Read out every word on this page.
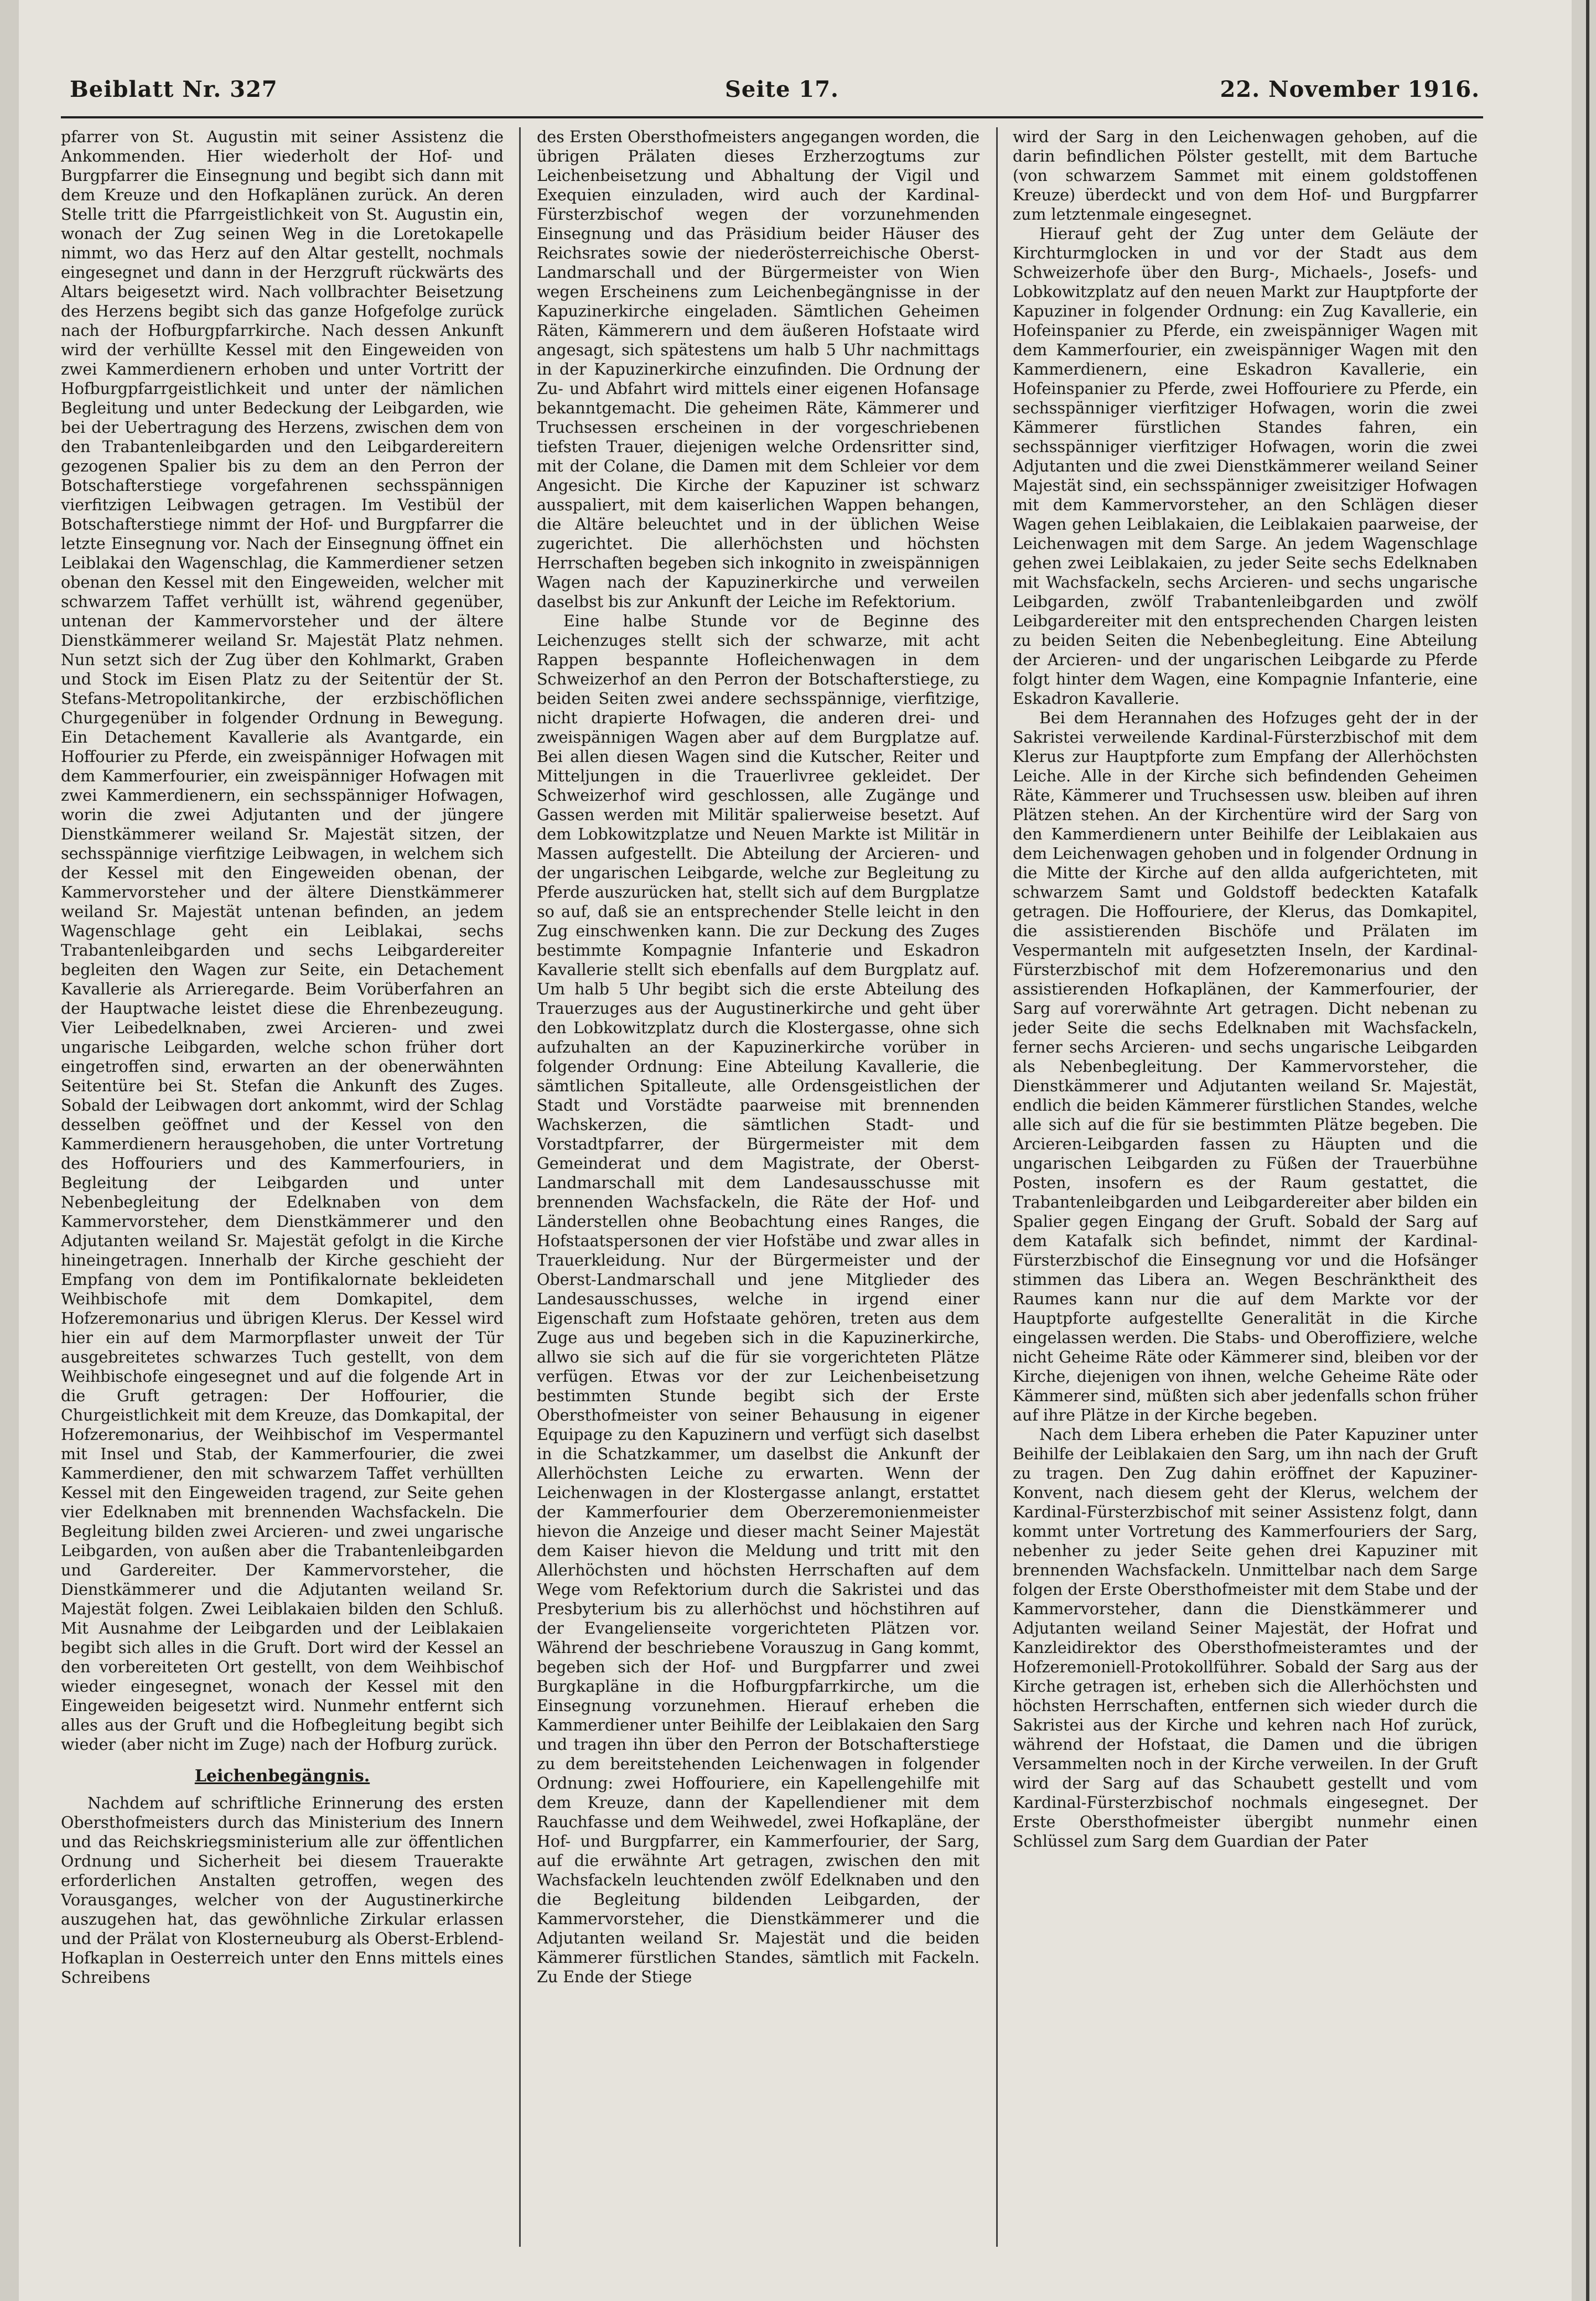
Beiblatt Nr. 327	Seite 17.	22. November 1916.

pfarrer von St. Augustin mit seiner Assistenz die Ankommenden. Hier wiederholt der Hof- und Burgpfarrer die Einsegnung und begibt sich dann mit dem Kreuze und den Hofkaplänen zurück. An deren Stelle tritt die Pfarrgeistlichkeit von St. Augustin ein, wonach der Zug seinen Weg in die Loretokapelle nimmt, wo das Herz auf den Altar gestellt, nochmals eingesegnet und dann in der Herzgruft rückwärts des Altars beigesetzt wird. Nach vollbrachter Beisetzung des Herzens begibt sich das ganze Hofgefolge zurück nach der Hofburgpfarrkirche. Nach dessen Ankunft wird der verhüllte Kessel mit den Eingeweiden von zwei Kammerdienern erhoben und unter Vortritt der Hofburgpfarrgeistlichkeit und unter der nämlichen Begleitung und unter Bedeckung der Leibgarden, wie bei der Uebertragung des Herzens, zwischen dem von den Trabantenleibgarden und den Leibgardereitern gezogenen Spalier bis zu dem an den Perron der Botschafterstiege vorgefahrenen sechsspännigen vierfitzigen Leibwagen getragen. Im Vestibül der Botschafterstiege nimmt der Hof- und Burgpfarrer die letzte Einsegnung vor. Nach der Einsegnung öffnet ein Leiblakai den Wagenschlag, die Kammerdiener setzen obenan den Kessel mit den Eingeweiden, welcher mit schwarzem Taffet verhüllt ist, während gegenüber, untenan der Kammervorsteher und der ältere Dienstkämmerer weiland Sr. Majestät Platz nehmen. Nun setzt sich der Zug über den Kohlmarkt, Graben und Stock im Eisen Platz zu der Seitentür der St. Stefans-Metropolitankirche, der erzbischöflichen Churgegenüber in folgender Ordnung in Bewegung. Ein Detachement Kavallerie als Avantgarde, ein Hoffourier zu Pferde, ein zweispänniger Hofwagen mit dem Kammerfourier, ein zweispänniger Hofwagen mit zwei Kammerdienern, ein sechsspänniger Hofwagen, worin die zwei Adjutanten und der jüngere Dienstkämmerer weiland Sr. Majestät sitzen, der sechsspännige vierfitzige Leibwagen, in welchem sich der Kessel mit den Eingeweiden obenan, der Kammervorsteher und der ältere Dienstkämmerer weiland Sr. Majestät untenan befinden, an jedem Wagenschlage geht ein Leiblakai, sechs Trabantenleibgarden und sechs Leibgardereiter begleiten den Wagen zur Seite, ein Detachement Kavallerie als Arrieregarde. Beim Vorüberfahren an der Hauptwache leistet diese die Ehrenbezeugung. Vier Leibedelknaben, zwei Arcieren- und zwei ungarische Leibgarden, welche schon früher dort eingetroffen sind, erwarten an der obenerwähnten Seitentüre bei St. Stefan die Ankunft des Zuges. Sobald der Leibwagen dort ankommt, wird der Schlag desselben geöffnet und der Kessel von den Kammerdienern herausgehoben, die unter Vortretung des Hoffouriers und des Kammerfouriers, in Begleitung der Leibgarden und unter Nebenbegleitung der Edelknaben von dem Kammervorsteher, dem Dienstkämmerer und den Adjutanten weiland Sr. Majestät gefolgt in die Kirche hineingetragen. Innerhalb der Kirche geschieht der Empfang von dem im Pontifikalornate bekleideten Weihbischofe mit dem Domkapitel, dem Hofzeremonarius und übrigen Klerus. Der Kessel wird hier ein auf dem Marmorpflaster unweit der Tür ausgebreitetes schwarzes Tuch gestellt, von dem Weihbischofe eingesegnet und auf die folgende Art in die Gruft getragen: Der Hoffourier, die Churgeistlichkeit mit dem Kreuze, das Domkapital, der Hofzeremonarius, der Weihbischof im Vespermantel mit Insel und Stab, der Kammerfourier, die zwei Kammerdiener, den mit schwarzem Taffet verhüllten Kessel mit den Eingeweiden tragend, zur Seite gehen vier Edelknaben mit brennenden Wachsfackeln. Die Begleitung bilden zwei Arcieren- und zwei ungarische Leibgarden, von außen aber die Trabantenleibgarden und Gardereiter. Der Kammervorsteher, die Dienstkämmerer und die Adjutanten weiland Sr. Majestät folgen. Zwei Leiblakaien bilden den Schluß. Mit Ausnahme der Leibgarden und der Leiblakaien begibt sich alles in die Gruft. Dort wird der Kessel an den vorbereiteten Ort gestellt, von dem Weihbischof wieder eingesegnet, wonach der Kessel mit den Eingeweiden beigesetzt wird. Nunmehr entfernt sich alles aus der Gruft und die Hofbegleitung begibt sich wieder (aber nicht im Zuge) nach der Hofburg zurück.

Leichenbegängnis.

Nachdem auf schriftliche Erinnerung des ersten Obersthofmeisters durch das Ministerium des Innern und das Reichskriegsministerium alle zur öffentlichen Ordnung und Sicherheit bei diesem Trauerakte erforderlichen Anstalten getroffen, wegen des Vorausganges, welcher von der Augustinerkirche auszugehen hat, das gewöhnliche Zirkular erlassen und der Prälat von Klosterneuburg als Oberst-Erblend-Hofkaplan in Oesterreich unter den Enns mittels eines Schreibens

des Ersten Obersthofmeisters angegangen worden, die übrigen Prälaten dieses Erzherzogtums zur Leichenbeisetzung und Abhaltung der Vigil und Exequien einzuladen, wird auch der Kardinal-Fürsterzbischof wegen der vorzunehmenden Einsegnung und das Präsidium beider Häuser des Reichsrates sowie der niederösterreichische Oberst-Landmarschall und der Bürgermeister von Wien wegen Erscheinens zum Leichenbegängnisse in der Kapuzinerkirche eingeladen. Sämtlichen Geheimen Räten, Kämmerern und dem äußeren Hofstaate wird angesagt, sich spätestens um halb 5 Uhr nachmittags in der Kapuzinerkirche einzufinden. Die Ordnung der Zu- und Abfahrt wird mittels einer eigenen Hofansage bekanntgemacht. Die geheimen Räte, Kämmerer und Truchsessen erscheinen in der vorgeschriebenen tiefsten Trauer, diejenigen welche Ordensritter sind, mit der Colane, die Damen mit dem Schleier vor dem Angesicht. Die Kirche der Kapuziner ist schwarz ausspaliert, mit dem kaiserlichen Wappen behangen, die Altäre beleuchtet und in der üblichen Weise zugerichtet. Die allerhöchsten und höchsten Herrschaften begeben sich inkognito in zweispännigen Wagen nach der Kapuzinerkirche und verweilen daselbst bis zur Ankunft der Leiche im Refektorium.

Eine halbe Stunde vor de Beginne des Leichenzuges stellt sich der schwarze, mit acht Rappen bespannte Hofleichenwagen in dem Schweizerhof an den Perron der Botschafterstiege, zu beiden Seiten zwei andere sechsspännige, vierfitzige, nicht drapierte Hofwagen, die anderen drei- und zweispännigen Wagen aber auf dem Burgplatze auf. Bei allen diesen Wagen sind die Kutscher, Reiter und Mitteljungen in die Trauerlivree gekleidet. Der Schweizerhof wird geschlossen, alle Zugänge und Gassen werden mit Militär spalierweise besetzt. Auf dem Lobkowitzplatze und Neuen Markte ist Militär in Massen aufgestellt. Die Abteilung der Arcieren- und der ungarischen Leibgarde, welche zur Begleitung zu Pferde auszurücken hat, stellt sich auf dem Burgplatze so auf, daß sie an entsprechender Stelle leicht in den Zug einschwenken kann. Die zur Deckung des Zuges bestimmte Kompagnie Infanterie und Eskadron Kavallerie stellt sich ebenfalls auf dem Burgplatz auf. Um halb 5 Uhr begibt sich die erste Abteilung des Trauerzuges aus der Augustinerkirche und geht über den Lobkowitzplatz durch die Klostergasse, ohne sich aufzuhalten an der Kapuzinerkirche vorüber in folgender Ordnung: Eine Abteilung Kavallerie, die sämtlichen Spitalleute, alle Ordensgeistlichen der Stadt und Vorstädte paarweise mit brennenden Wachskerzen, die sämtlichen Stadt- und Vorstadtpfarrer, der Bürgermeister mit dem Gemeinderat und dem Magistrate, der Oberst-Landmarschall mit dem Landesausschusse mit brennenden Wachsfackeln, die Räte der Hof- und Länderstellen ohne Beobachtung eines Ranges, die Hofstaatspersonen der vier Hofstäbe und zwar alles in Trauerkleidung. Nur der Bürgermeister und der Oberst-Landmarschall und jene Mitglieder des Landesausschusses, welche in irgend einer Eigenschaft zum Hofstaate gehören, treten aus dem Zuge aus und begeben sich in die Kapuzinerkirche, allwo sie sich auf die für sie vorgerichteten Plätze verfügen. Etwas vor der zur Leichenbeisetzung bestimmten Stunde begibt sich der Erste Obersthofmeister von seiner Behausung in eigener Equipage zu den Kapuzinern und verfügt sich daselbst in die Schatzkammer, um daselbst die Ankunft der Allerhöchsten Leiche zu erwarten. Wenn der Leichenwagen in der Klostergasse anlangt, erstattet der Kammerfourier dem Oberzeremonienmeister hievon die Anzeige und dieser macht Seiner Majestät dem Kaiser hievon die Meldung und tritt mit den Allerhöchsten und höchsten Herrschaften auf dem Wege vom Refektorium durch die Sakristei und das Presbyterium bis zu allerhöchst und höchstihren auf der Evangelienseite vorgerichteten Plätzen vor. Während der beschriebene Vorauszug in Gang kommt, begeben sich der Hof- und Burgpfarrer und zwei Burgkapläne in die Hofburgpfarrkirche, um die Einsegnung vorzunehmen. Hierauf erheben die Kammerdiener unter Beihilfe der Leiblakaien den Sarg und tragen ihn über den Perron der Botschafterstiege zu dem bereitstehenden Leichenwagen in folgender Ordnung: zwei Hoffouriere, ein Kapellengehilfe mit dem Kreuze, dann der Kapellendiener mit dem Rauchfasse und dem Weihwedel, zwei Hofkapläne, der Hof- und Burgpfarrer, ein Kammerfourier, der Sarg, auf die erwähnte Art getragen, zwischen den mit Wachsfackeln leuchtenden zwölf Edelknaben und den die Begleitung bildenden Leibgarden, der Kammervorsteher, die Dienstkämmerer und die Adjutanten weiland Sr. Majestät und die beiden Kämmerer fürstlichen Standes, sämtlich mit Fackeln. Zu Ende der Stiege

wird der Sarg in den Leichenwagen gehoben, auf die darin befindlichen Pölster gestellt, mit dem Bartuche (von schwarzem Sammet mit einem goldstoffenen Kreuze) überdeckt und von dem Hof- und Burgpfarrer zum letztenmale eingesegnet.

Hierauf geht der Zug unter dem Geläute der Kirchturmglocken in und vor der Stadt aus dem Schweizerhofe über den Burg-, Michaels-, Josefs- und Lobkowitzplatz auf den neuen Markt zur Hauptpforte der Kapuziner in folgender Ordnung: ein Zug Kavallerie, ein Hofeinspanier zu Pferde, ein zweispänniger Wagen mit dem Kammerfourier, ein zweispänniger Wagen mit den Kammerdienern, eine Eskadron Kavallerie, ein Hofeinspanier zu Pferde, zwei Hoffouriere zu Pferde, ein sechsspänniger vierfitziger Hofwagen, worin die zwei Kämmerer fürstlichen Standes fahren, ein sechsspänniger vierfitziger Hofwagen, worin die zwei Adjutanten und die zwei Dienstkämmerer weiland Seiner Majestät sind, ein sechsspänniger zweisitziger Hofwagen mit dem Kammervorsteher, an den Schlägen dieser Wagen gehen Leiblakaien, die Leiblakaien paarweise, der Leichenwagen mit dem Sarge. An jedem Wagenschlage gehen zwei Leiblakaien, zu jeder Seite sechs Edelknaben mit Wachsfackeln, sechs Arcieren- und sechs ungarische Leibgarden, zwölf Trabantenleibgarden und zwölf Leibgardereiter mit den entsprechenden Chargen leisten zu beiden Seiten die Nebenbegleitung. Eine Abteilung der Arcieren- und der ungarischen Leibgarde zu Pferde folgt hinter dem Wagen, eine Kompagnie Infanterie, eine Eskadron Kavallerie.

Bei dem Herannahen des Hofzuges geht der in der Sakristei verweilende Kardinal-Fürsterzbischof mit dem Klerus zur Hauptpforte zum Empfang der Allerhöchsten Leiche. Alle in der Kirche sich befindenden Geheimen Räte, Kämmerer und Truchsessen usw. bleiben auf ihren Plätzen stehen. An der Kirchentüre wird der Sarg von den Kammerdienern unter Beihilfe der Leiblakaien aus dem Leichenwagen gehoben und in folgender Ordnung in die Mitte der Kirche auf den allda aufgerichteten, mit schwarzem Samt und Goldstoff bedeckten Katafalk getragen. Die Hoffouriere, der Klerus, das Domkapitel, die assistierenden Bischöfe und Prälaten im Vespermanteln mit aufgesetzten Inseln, der Kardinal-Fürsterzbischof mit dem Hofzeremonarius und den assistierenden Hofkaplänen, der Kammerfourier, der Sarg auf vorerwähnte Art getragen. Dicht nebenan zu jeder Seite die sechs Edelknaben mit Wachsfackeln, ferner sechs Arcieren- und sechs ungarische Leibgarden als Nebenbegleitung. Der Kammervorsteher, die Dienstkämmerer und Adjutanten weiland Sr. Majestät, endlich die beiden Kämmerer fürstlichen Standes, welche alle sich auf die für sie bestimmten Plätze begeben. Die Arcieren-Leibgarden fassen zu Häupten und die ungarischen Leibgarden zu Füßen der Trauerbühne Posten, insofern es der Raum gestattet, die Trabantenleibgarden und Leibgardereiter aber bilden ein Spalier gegen Eingang der Gruft. Sobald der Sarg auf dem Katafalk sich befindet, nimmt der Kardinal-Fürsterzbischof die Einsegnung vor und die Hofsänger stimmen das Libera an. Wegen Beschränktheit des Raumes kann nur die auf dem Markte vor der Hauptpforte aufgestellte Generalität in die Kirche eingelassen werden. Die Stabs- und Oberoffiziere, welche nicht Geheime Räte oder Kämmerer sind, bleiben vor der Kirche, diejenigen von ihnen, welche Geheime Räte oder Kämmerer sind, müßten sich aber jedenfalls schon früher auf ihre Plätze in der Kirche begeben.

Nach dem Libera erheben die Pater Kapuziner unter Beihilfe der Leiblakaien den Sarg, um ihn nach der Gruft zu tragen. Den Zug dahin eröffnet der Kapuziner-Konvent, nach diesem geht der Klerus, welchem der Kardinal-Fürsterzbischof mit seiner Assistenz folgt, dann kommt unter Vortretung des Kammerfouriers der Sarg, nebenher zu jeder Seite gehen drei Kapuziner mit brennenden Wachsfackeln. Unmittelbar nach dem Sarge folgen der Erste Obersthofmeister mit dem Stabe und der Kammervorsteher, dann die Dienstkämmerer und Adjutanten weiland Seiner Majestät, der Hofrat und Kanzleidirektor des Obersthofmeisteramtes und der Hofzeremoniell-Protokollführer. Sobald der Sarg aus der Kirche getragen ist, erheben sich die Allerhöchsten und höchsten Herrschaften, entfernen sich wieder durch die Sakristei aus der Kirche und kehren nach Hof zurück, während der Hofstaat, die Damen und die übrigen Versammelten noch in der Kirche verweilen. In der Gruft wird der Sarg auf das Schaubett gestellt und vom Kardinal-Fürsterzbischof nochmals eingesegnet. Der Erste Obersthofmeister übergibt nunmehr einen Schlüssel zum Sarg dem Guardian der Pater
